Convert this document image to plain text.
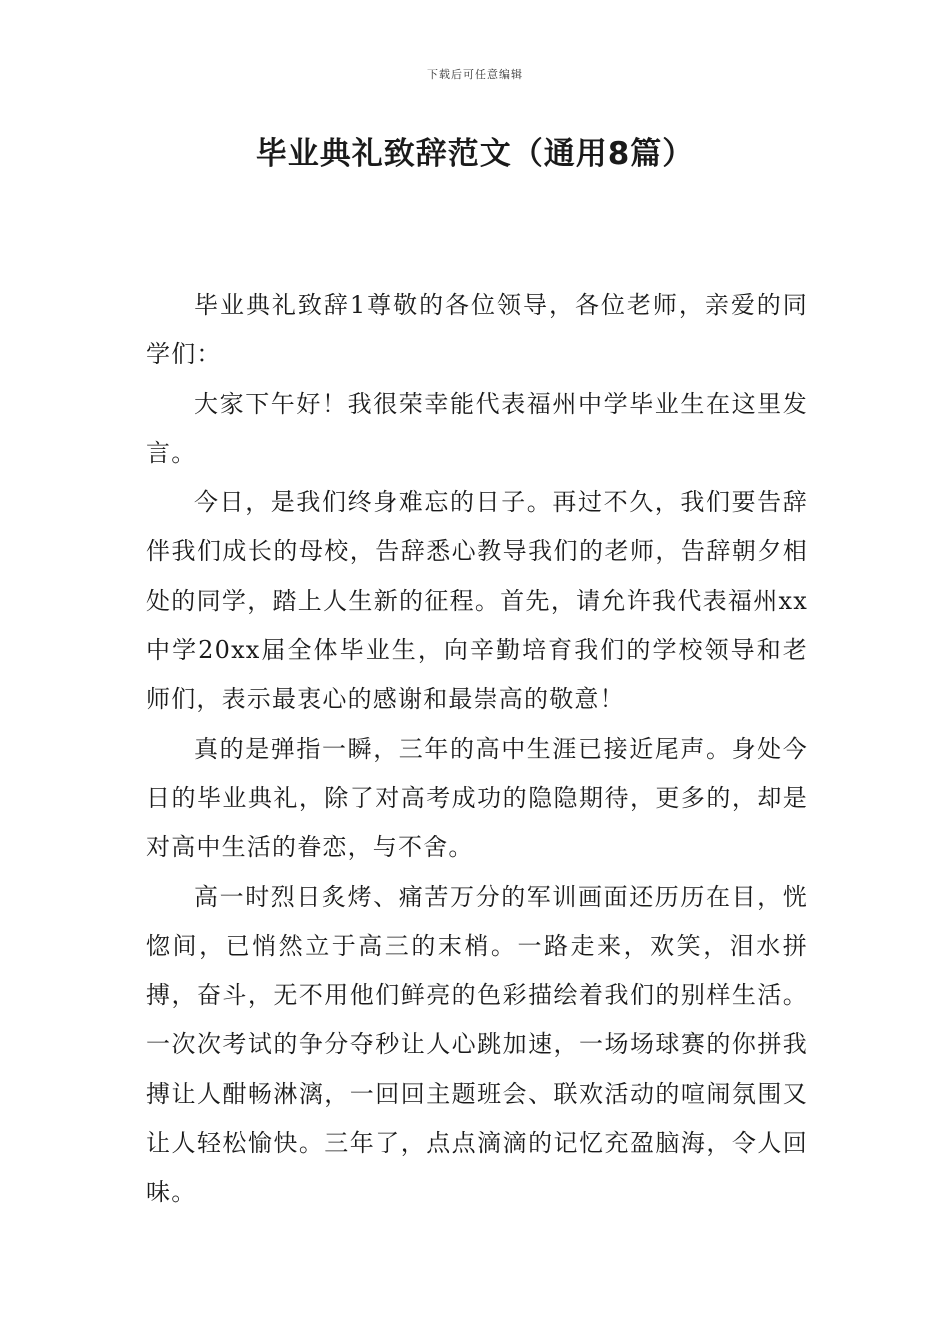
下载后可任意编辑
毕业典礼致辞范文（通用8篇）

毕业典礼致辞1尊敬的各位领导，各位老师，亲爱的同学们：

大家下午好！我很荣幸能代表福州中学毕业生在这里发言。

今日，是我们终身难忘的日子。再过不久，我们要告辞伴我们成长的母校，告辞悉心教导我们的老师，告辞朝夕相处的同学，踏上人生新的征程。首先，请允许我代表福州xx中学20xx届全体毕业生，向辛勤培育我们的学校领导和老师们，表示最衷心的感谢和最崇高的敬意！

真的是弹指一瞬，三年的高中生涯已接近尾声。身处今日的毕业典礼，除了对高考成功的隐隐期待，更多的，却是对高中生活的眷恋，与不舍。

高一时烈日炙烤、痛苦万分的军训画面还历历在目，恍惚间，已悄然立于高三的末梢。一路走来，欢笑，泪水拼搏，奋斗，无不用他们鲜亮的色彩描绘着我们的别样生活。一次次考试的争分夺秒让人心跳加速，一场场球赛的你拼我搏让人酣畅淋漓，一回回主题班会、联欢活动的喧闹氛围又让人轻松愉快。三年了，点点滴滴的记忆充盈脑海，令人回味。
